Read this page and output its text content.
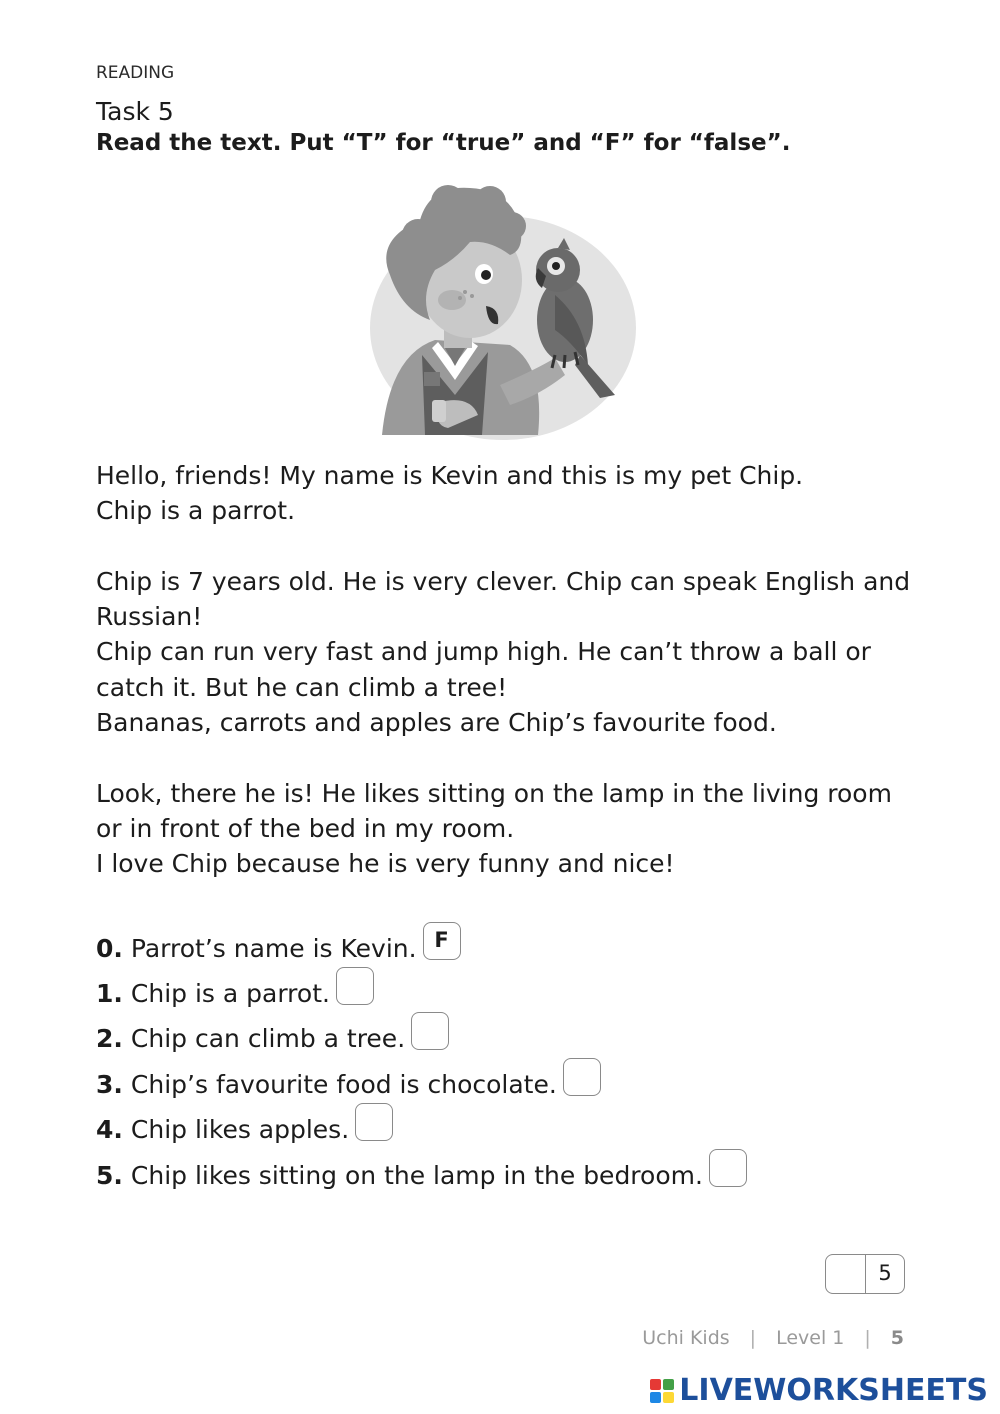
READING
Task 5
Read the text. Put “T” for “true” and “F” for “false”.

Hello, friends! My name is Kevin and this is my pet Chip.

Chip is a parrot.

Chip is 7 years old. He is very clever. Chip can speak English and

Russian!

Chip can run very fast and jump high. He can’t throw a ball or

catch it. But he can climb a tree!

Bananas, carrots and apples are Chip’s favourite food.

Look, there he is! He likes sitting on the lamp in the living room

or in front of the bed in my room.

I love Chip because he is very funny and nice!

0. Parrot’s name is Kevin. F
1. Chip is a parrot.
2. Chip can climb a tree.
3. Chip’s favourite food is chocolate.
4. Chip likes apples.
5. Chip likes sitting on the lamp in the bedroom.
5
Uchi Kids | Level 1 | 5
LIVEWORKSHEETS
